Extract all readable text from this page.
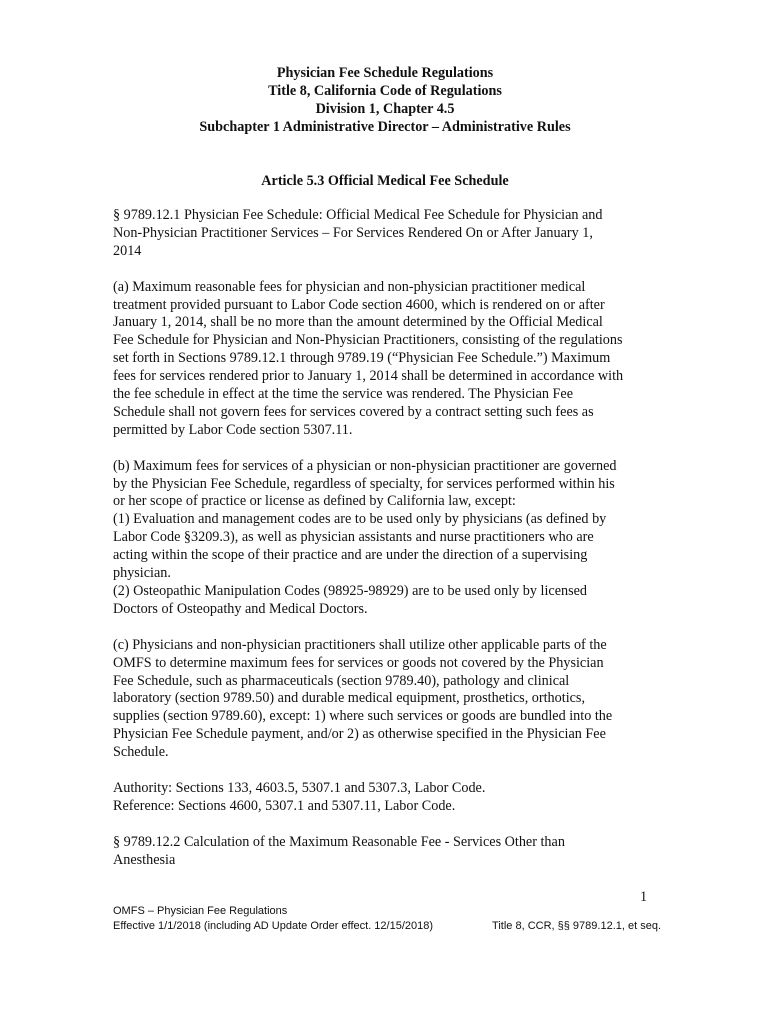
Physician Fee Schedule Regulations
Title 8, California Code of Regulations
Division 1, Chapter 4.5
Subchapter 1 Administrative Director – Administrative Rules
Article 5.3 Official Medical Fee Schedule

§ 9789.12.1 Physician Fee Schedule: Official Medical Fee Schedule for Physician and
Non-Physician Practitioner Services – For Services Rendered On or After January 1,
2014

(a) Maximum reasonable fees for physician and non-physician practitioner medical
treatment provided pursuant to Labor Code section 4600, which is rendered on or after
January 1, 2014, shall be no more than the amount determined by the Official Medical
Fee Schedule for Physician and Non-Physician Practitioners, consisting of the regulations
set forth in Sections 9789.12.1 through 9789.19 (“Physician Fee Schedule.”) Maximum
fees for services rendered prior to January 1, 2014 shall be determined in accordance with
the fee schedule in effect at the time the service was rendered. The Physician Fee
Schedule shall not govern fees for services covered by a contract setting such fees as
permitted by Labor Code section 5307.11.

(b) Maximum fees for services of a physician or non-physician practitioner are governed
by the Physician Fee Schedule, regardless of specialty, for services performed within his
or her scope of practice or license as defined by California law, except:
(1) Evaluation and management codes are to be used only by physicians (as defined by
Labor Code §3209.3), as well as physician assistants and nurse practitioners who are
acting within the scope of their practice and are under the direction of a supervising
physician.
(2) Osteopathic Manipulation Codes (98925-98929) are to be used only by licensed
Doctors of Osteopathy and Medical Doctors.

(c) Physicians and non-physician practitioners shall utilize other applicable parts of the
OMFS to determine maximum fees for services or goods not covered by the Physician
Fee Schedule, such as pharmaceuticals (section 9789.40), pathology and clinical
laboratory (section 9789.50) and durable medical equipment, prosthetics, orthotics,
supplies (section 9789.60), except: 1) where such services or goods are bundled into the
Physician Fee Schedule payment, and/or 2) as otherwise specified in the Physician Fee
Schedule.

Authority: Sections 133, 4603.5, 5307.1 and 5307.3, Labor Code.
Reference: Sections 4600, 5307.1 and 5307.11, Labor Code.

§ 9789.12.2 Calculation of the Maximum Reasonable Fee - Services Other than
Anesthesia

1
OMFS – Physician Fee Regulations
Effective 1/1/2018 (including AD Update Order effect. 12/15/2018)	Title 8, CCR, §§ 9789.12.1, et seq.
